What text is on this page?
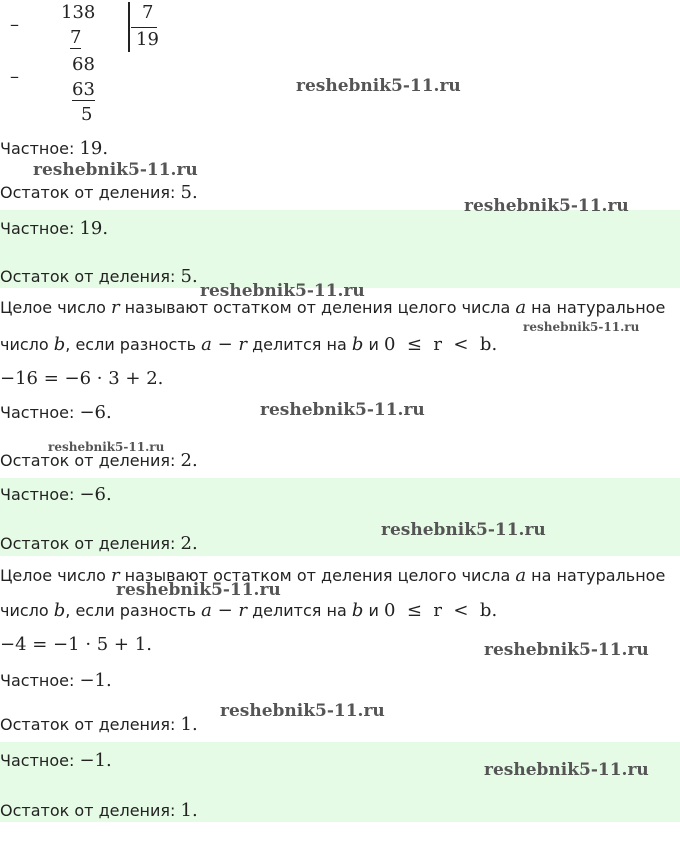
–
138	7
19
7
–
68
63
5
Частное: 19.
Остаток от деления: 5.
Частное: 19.
Остаток от деления: 5.
Целое число r называют остатком от деления целого числа a на натуральное
число b, если разность a − r делится на b и 0  ≤  r  <  b.
−16 = −6 · 3 + 2.
Частное: −6.
Остаток от деления: 2.
Частное: −6.
Остаток от деления: 2.
Целое число r называют остатком от деления целого числа a на натуральное
число b, если разность a − r делится на b и 0  ≤  r  <  b.
−4 = −1 · 5 + 1.
Частное: −1.
Остаток от деления: 1.
Частное: −1.
Остаток от деления: 1.
reshebnik5-11.ru
reshebnik5-11.ru
reshebnik5-11.ru
reshebnik5-11.ru
reshebnik5-11.ru
reshebnik5-11.ru
reshebnik5-11.ru
reshebnik5-11.ru
reshebnik5-11.ru
reshebnik5-11.ru
reshebnik5-11.ru
reshebnik5-11.ru
